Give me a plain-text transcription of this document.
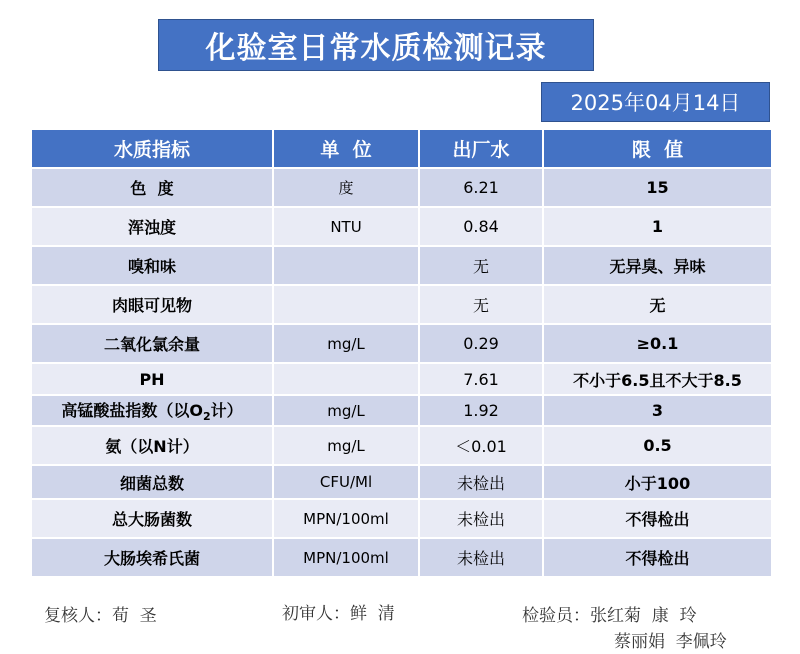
化验室日常水质检测记录
2025年04月14日
水质指标	单  位	出厂水	限  值
色  度	度	6.21	15
浑浊度	NTU	0.84	1
嗅和味		无	无异臭、异味
肉眼可见物		无	无
二氧化氯余量	mg/L	0.29	≥0.1
PH		7.61	不小于6.5且不大于8.5
高锰酸盐指数（以$O_2$计）	mg/L	1.92	3
氨（以N计）	mg/L	＜0.01	0.5
细菌总数	CFU/Ml	未检出	小于100
总大肠菌数	MPN/100ml	未检出	不得检出
大肠埃希氏菌	MPN/100ml	未检出	不得检出
复核人：荀  圣	初审人：鲜  清	检验员：张红菊  康  玲
蔡丽娟  李佩玲
